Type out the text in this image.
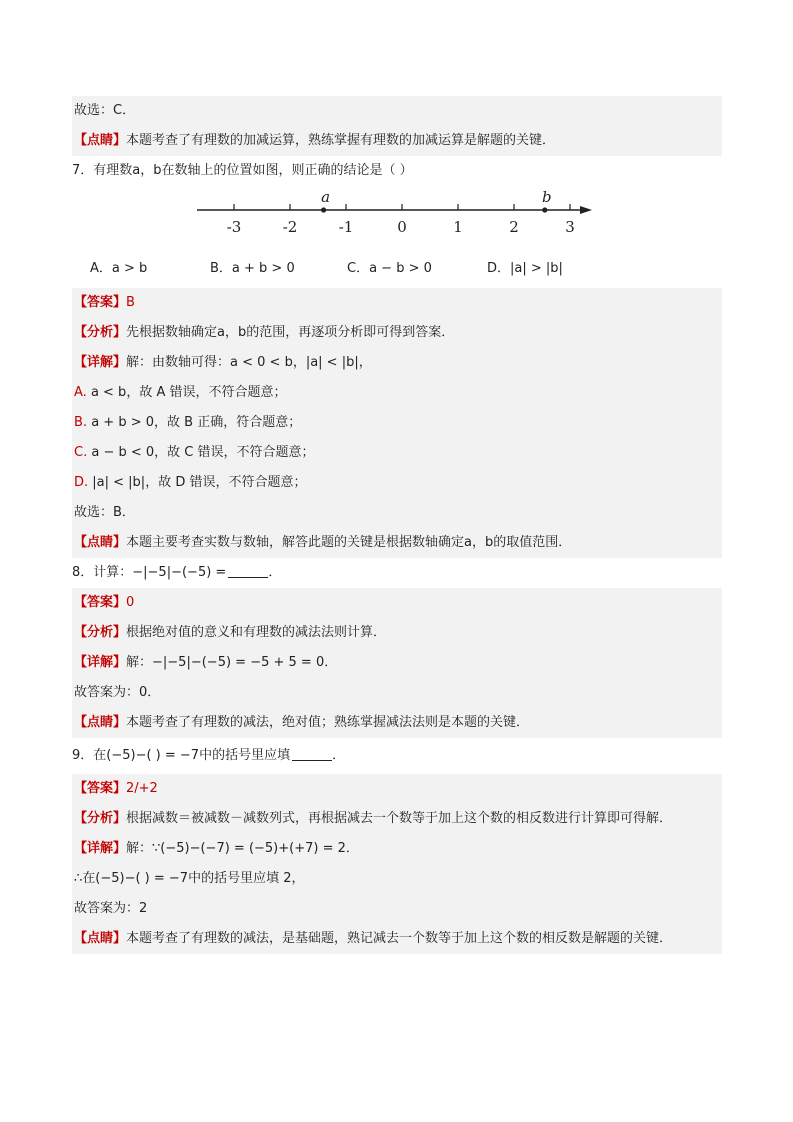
故选：C．
【点睛】本题考查了有理数的加减运算，熟练掌握有理数的加减运算是解题的关键．
7．有理数a，b在数轴上的位置如图，则正确的结论是（ ）
-3	-2	-1	0	1	2	3
a	b
A．a > b	B．a + b > 0	C．a − b > 0	D．|a| > |b|
【答案】B
【分析】先根据数轴确定a，b的范围，再逐项分析即可得到答案．
【详解】解：由数轴可得：a < 0 < b，|a| < |b|，
A. a < b，故 A 错误，不符合题意；
B. a + b > 0，故 B 正确，符合题意；
C. a − b < 0，故 C 错误，不符合题意；
D. |a| < |b|，故 D 错误，不符合题意；
故选：B．
【点睛】本题主要考查实数与数轴，解答此题的关键是根据数轴确定a，b的取值范围．
8．计算：−|−5|−(−5) =	．
【答案】0
【分析】根据绝对值的意义和有理数的减法法则计算．
【详解】解：−|−5|−(−5) = −5 + 5 = 0．
故答案为：0．
【点睛】本题考查了有理数的减法，绝对值；熟练掌握减法法则是本题的关键．
9．在(−5)−( ) = −7中的括号里应填	．
【答案】2/+2
【分析】根据减数＝被减数－减数列式，再根据减去一个数等于加上这个数的相反数进行计算即可得解．
【详解】解：∵(−5)−(−7) = (−5)+(+7) = 2．
∴在(−5)−( ) = −7中的括号里应填 2，
故答案为：2
【点睛】本题考查了有理数的减法，是基础题，熟记减去一个数等于加上这个数的相反数是解题的关键．
